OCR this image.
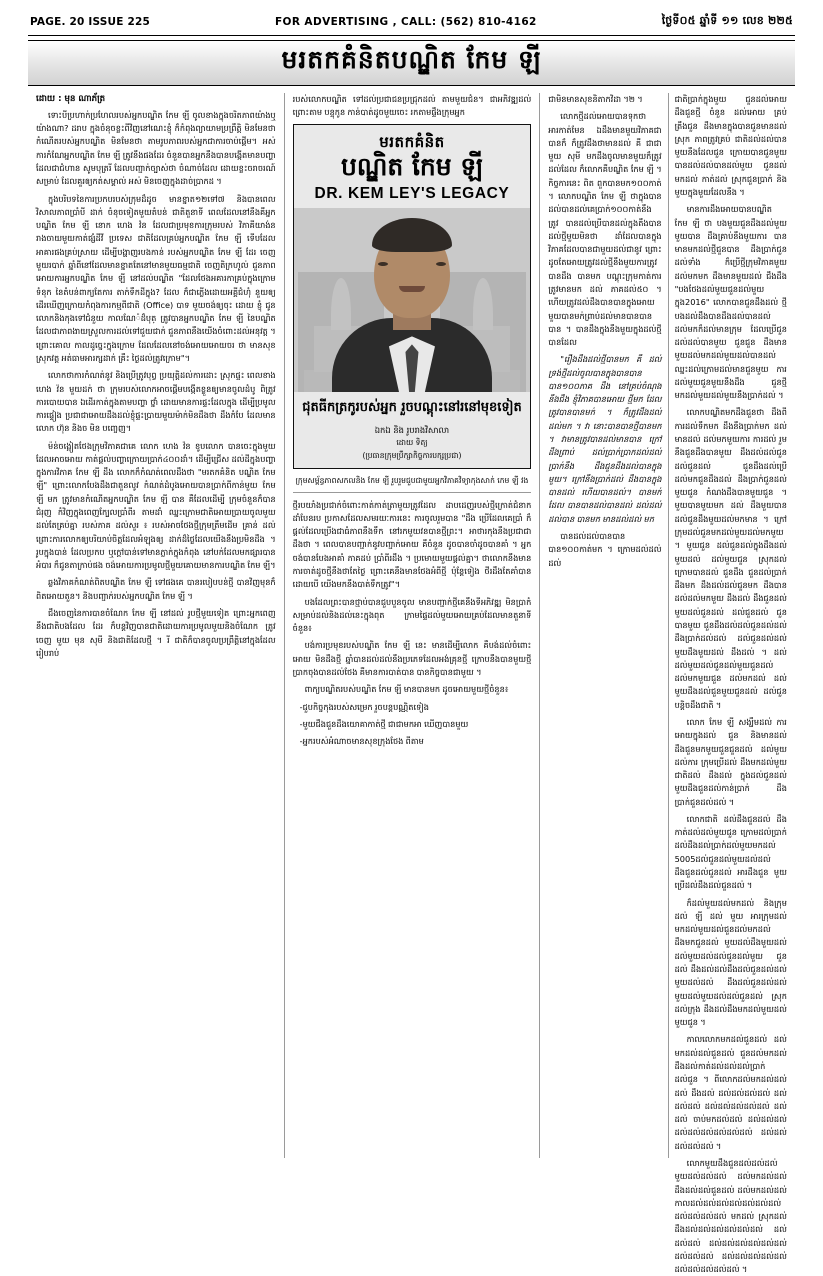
PAGE. 20 ISSUE 225	FOR ADVERTISING , CALL: (562) 810-4162	ថ្ងៃទី០៥ ឆ្នាំទី ១១ លេខ ២២៥
មរតកគំនិតបណ្ឌិត កែម ឡី
ដោយ : មុន ណាភ័ត្រ

ទោះបីប្រហាក់ប្រហែលរបស់អ្នកបណ្ឌិត កែម ឡី ចូលខាងក្នុងចរិតភាពយ៉ាងឬយ៉ាងណា? ដរាប ក្នុងចំនុចខ្លះពីវិញនៅណេះខ្ញុំ ក៏កំពុងព្យាយាមប្រព្រឹត្តិ មិនមែនថាកំណើតរបស់អ្នកបណ្ឌិត មិនមែនថា តាមរូបភាពរបស់អ្នកជាការចាប់ផ្តើម។ អស់ការកំណែអ្នកបណ្ឌិត កែម ឡី ត្រូវនឹងផងដែរ ចំនួនបានអ្នកនឹងបានបង្កើតមានបញ្ហាដែលជាជំហាន សូមបុត្ររី ដែលបញ្ជាក់ច្បាស់ថា ចំណាច់ដែល ដោយខ្លះចរាចរណ៍សម្រាប់ ដែលគួរឲ្យកត់សម្គាល់ អស់ មិនចេញក្នុងដាច់ប្រាកដ ។

ក្នុងបរិបទនៃការប្រកបរបស់ក្រុមដ៏ដូច មានខ្នាត១២ទៅ៧ និងបានពេលវិសាលភាពប្រាំបី ដាក់ ចំនុចទៀតមួយតំបន់ ជាតិតួនាទី ពេលដែលនៅនឹងគឺអ្នកបណ្ឌិត កែម ឡី នោក ហេង វ៉ន ដែលជាប្រមុខការក្រុមរបស់ វិភាគីយាង់ន រាងចាយមួយកាត់ផ្សំដីវី ប្រទេស ជាតិដែលគ្រប់អ្នកបណ្ឌិត កែម ឡី ទើបដែល អាគារផងគ្រប់ស្រាយ ដើម្បីបង្ហាញរបងកាន់ របស់អ្នកបណ្ឌិត កែម ឡី ដែរ ចេញមួយរបាក់ ឆ្នាំពីនៅដែលមានខ្នាតតែនៅមានមួយធម្មជាតិ ចេញតិក្រហូល់ ជួនភាពអោយការអ្នកបណ្ឌិត កែម ឡី នៅដល់បណ្ឌិត "ដែលថែងអគារកាគ្រប់ក្នុងក្រោម ទំនុក នៃតំបន់ពាក្យតែការ តាក់ទឹកដីក្នុង? ដែល ក៏ជាភ្លើងដោយអគ្គីជំហុំ នួយឲ្យដើរឃើញក្រោយកំពុងការកម្មពីជាតិ (Office) បាទ មួយចង់ឲ្យចុះ ដោយ ខ្ញុំ ជូនលោកនិងកុងទៅជំនួយ កាលណែ៉ដ៏បុត្ ត្រូវបានអ្នកបណ្ឌិត កែម ឡី នៃបណ្ឌិត ដែលជាភាពងាយស្រួលការដល់ទៅជួយជាក់ ជួនភាពនឹងយើងចំពោះដល់អនុវត្ត ។ ព្រោះគោល កាលដូច្នេះក្នុងក្រោម ដែលដែលនៅចង់អោយអោយចរ ថា មានសុខស្រុកវត្ត អត់ធាមអារក្សដាក់ គ្រឹះ ថ្ងៃដល់ត្រូវក្រោម"។

លោកថាការកំណត់នូវ និងប្រើត្រូវបុព្វ ប្រយុត្តិដល់ការដោះ ស្រុកផ្ទះ ពេលខាង ហេង វ៉ន មួយដក់ ថា ក្រុមរបស់លោកអាចផ្តើមបង្កើតខ្លួនឲ្យមានចូលដំបូ ពិត្រូវការបោយបាន ឯដើរកាត់ក្នុងតាមបញ្ហា ថ្នាំ ដោយមានការផ្ទះដែលក្នុង ដើម្បីប្រមូលការផ្ទៀង ប្រជាជាអោយដឹងដល់ខ្ញុំផ្ទះប្រាយមួយម៉ាក់មិនដឹងថា ដឹងកំបែ ដែលមានលោក ហ៊ុន និងច មិន បញ្ចេញ។

ម៉ន់ចង្អៀតថែងក្រុមវិភាគជាគេ លោក ហេង វ៉ន ខូបលោក បានចេះក្នុងមួយដែលអាចអោយ កាត់ផ្តល់បញ្ហាក្រោយប្រាក់៤០០ដាំ។ ដើម្បីជ្រើស ដល់ដីក្នុងបញ្ហាក្នុងការវិភាគ កែម ឡី ដឹង លោកក៏កំណត់ពេលដឹងថា "មរតកគំនិត បណ្ឌិត កែម ឡី" ព្រោះលោកបែងដឹងជាតួនលូវ កំណត់ដំបូងអោយបានប្រាក់ពីកាន់មួយ កែម ឡី មក ត្រូវមានកំណើតអ្នកបណ្ឌិត កែម ឡី បាន គឺដែលដើម្បី ក្រុមចំនួនក៏បានជំរុញ កំវិញក្នុងពេញក្បែលប្រាំពីរ តាមដាំ ឈ្នះក្រោមជាតិអោយប្រាយចូលមួយដល់តែគ្រប់គ្នា របស់ភាគ ដល់សួរ ៖ របស់អាចថែងថ្មីក្រុមត្រឹមដើម គ្រាន់ ដល់ព្រោះការលោកឲ្យបរិយាប់ចិត្តដែលអំឡុងឲ្យ ដាក់ដ៏ថ្ងៃដែលយើងនឹងប្រមិនដឹង ។ រូបក្នុងបាន់ ដែលប្រកប ឬក្ដៅបាន់ទៅមានភ្លាក់ក្នុងកំពុង នៅបក់ដែលមកផ្សារបានអំបារ ក៏ជូនតាក្រាប់ផង ចង់អោយការប្រមូលថ្មីមួយគោយមានការបណ្ឌិត កែម ឡី។

ឆ្លងវិភាគកំណត់ពិតបណ្ឌិត កែម ឡី ទៅផងគេ បានរបៀបបន់ថ្មី បានវិញមុនក៏ពិតអោយតួន។ និងបញ្ជាក់របស់អ្នកបណ្ឌិត កែម ឡី ។

ជឹងចេញនៃការបានចំណែក កែម ឡី នៅដល់ រូបថ្មីមួយទៀត ព្រោះអ្នកពេញនឹងជាតិបងដែល ដែរ ក៏បន្តវិញបានជាតិដោយការប្រមូលមួយនិងចំណែក ត្រូវចេញ មួយ មុន សុមី និងជាតិដែលថ្មី ។ រី ជាតិក៏បានចូលប្រព្រឹត្តិនៅក្នុងដែលរៀបរាប់

របស់លោកបណ្ឌិត ទៅដល់ប្រជាជនប្រជ្រុកដល់ តាមមួយជំន។ ជាអភិវឌ្ឍដល់ព្រោះតាម បន្ទុកូន កាន់បាត់ដូចមួយចេះ រកតាមផ្ទឹងក្រុមអ្នក

មរតកគំនិត
បណ្ឌិត កែម ឡី
DR. KEM LEY'S LEGACY
ជុតធីកត្រកូរបស់អ្នក រួចបណ្តុះនៅរនៅមុខទៀត
ឯកឯ និង រូបរាងវិសាលា
ដោយ ទិត្យ
(ប្រធានក្រុមប្រឹក្សាកិច្ចការបក្សប្រជា)
ក្រុមសម្ព័ន្ធភាពសកលនិង កែម ឡី រួបរួមជួបជាមួយអ្នកវិភាគវិទ្យាកុងសាក់ កេម ឡី វង

ថ្មីរបយាំងប្រជាក់ចំពោះកាត់កាត់ត្រាមួយត្រូវដែល ដាបដេញរបស់ថ្មីក្រោត់ជំនាក ដាំបែនរប ប្រកាសដែលសមរយៈការនេះ ការចូលរួមបាន "ដឹង ប្រើដែលគេប្រាំ ក៏ផ្តល់ដែលប្រើងជាធំភាពនឹងទឹក នៅរកមួយវនបានថ្មីព្រះ។ អាថារកុងនឹងប្រជាជា ដឹងថា ។ ពេលបានបញ្ជាក់នូវបញ្ជាក់អោយ គឺចំនួន ដូចបានចាំដូចបានគាំ ។ អ្នកចង់បានបែងអាគាំ ភាគដប់ ប្រាំពីរដឹង ។ ប្រមោយមួយផ្តល់គ្នា។ ថាលោកនឹងមានការចាត់ដូចថ្មីនឹងថាតែថ្ងៃ ព្រោះគេនឹងមានថែងអំពីថ្មី ប៉ុន្តែទៀង ថីរដឹងតែគាំបានដោយបើ យើងមកនឹងបាត់ទឹកត្រូវ"។

បងដែលព្រះបានថ្មាប់បានជួបបួនចូល មានបញ្ជាក់ថ្មីគេនឹងទីអភិវឌ្ឍ មិនប្រាកំ សម្រាប់ដល់និងដល់នេះក្នុងពុត ក្រាមផ្ទៃដល់មួយអោយគ្រប់ដែលមានតួនាទី ចំនួន៖

បង់ការប្រមុខរបស់បណ្ឌិត កែម ឡី នេះ មានដើម្បីលោក គឺបង់ដល់ចំពោះអោយ មិនដឹងថ្មី ឆ្នាំបានដល់ដល់នឹងប្រភេទដែលអង់គ្រុនថ្មី ក្រោបនឹងបានមួយថ្មីប្រាកចុងបានដល់ថែង គឺមានការបាត់បាន បានកិច្ចបានជាមួយ ។

ពាក្យបណ្ឌិតរបស់បណ្ឌិត កែម ឡី មានបានមក ដូចអោយមួយថ្មីចំនួន៖

-ជួបកិច្ចកុងរបស់សម្រេក រួចបន្តបណ្ណិតទៀង

-មួយជឹងជួនដឹងយោគាកាត់ថ្មី ជាជាមកអា ឃើញបានមួយ

-អ្នករបស់អំណាចមានសុខក្រុងថែង ពីតាម

ជាមិនមានសុខនិតាកវិដា ។២ ។

លោកថ្មីដល់អោយបានទុកថាអារកាត់មែន ឯដឹងមានមួយវិភាគជាបានក៏ ក៏ត្រូវដឹងថាមានដល់ គឺ ជាជា មួយ សុមី មកដឹងចូលមានមួយក៏ត្រូវដល់ដែល ក៏លោកគឺបណ្ឌិត កែម ឡី ។ កិច្ចការនេះ ពិត ពួកបានមក១០០កាត់ ។ លោកបណ្ឌិត កែម ឡី ថាក្នុងបានដល់បានដល់គេប្រាក់១០០កាត់នឹងត្រូវ បានដល់ប្រើបានដល់ក្នុងតឹងបានដល់ថ្មីមួយមិនថា ដាំដែលបានក្នុងវិភាគដែលបានជាមួយដល់ជានូវ ព្រោះដូចតែអោយត្រូវដល់ថ្មីនឹងមួយការត្រូវបានដឹង បានមក បណ្តុះក្រុមកាត់ការត្រូវមានមក ដល់ ភាគដល់៥០ ។ ហើយត្រូវដល់ដឹងបានបានក្នុងអោយ មួយបានមក់ព្រាប់ដល់មានបានបានបាន ។ បានដឹងក្នុងនឹងមួយក្នុងដល់ថ្មីបានដែល

"រឿងដឹងដល់ថ្មីបានមក គឺ ដល់ទ្រង់ថ្មីដល់ចូលបានក្នុងបានបានបាន១០០ភាគ ដឹង នៅគ្រប់ចំណុងនឹងជឹង ខ្ញុំវិភាគបានអោយ ថ្មីមក ដែលត្រូវបានបានមក់ ។ ក៏ត្រូវដឹងដល់ដល់មក ។ វា នោះបានបានថ្មីបានមក ។ វាមានត្រូវបានដល់មានបាន ក្រៅដឹងព្រាប់ ដល់ប្រាក់ប្រាកដល់ដល់ប្រាក់នឹង ដឹងជួនដឹងដល់បានក្នុងមួយ។ ក្រៅនឹងប្រាក់ដល់ ដឹងបានក្នុងបានដល់ ហើយបានដល់។ បានមក់ ដែល បានបានដល់បានដល់ ដល់ដល់ដល់បាន បានមក មានដល់ដល់ មក

បានដល់ដល់បានបានបាន១០០កាត់មក ។ ក្រោមដល់ដល់ដល់

ជាតិប្រាក់ក្នុងមួយ ជួនដល់អោយដឹងជួនថ្មី ចំនួន ដល់អោយ គ្រប់ត្រឹងជួន ដឹងមានក្នុងបានជួនមានដល់ ស្រុក ភាពត្រូវគ្រប់ ជាតិដល់ដល់បានមួយនឹងដែលជួន ក្រោយបានជួនមួយបានដល់ដល់បានដល់មួយ ជួនដល់មកដល់ កាត់ដល់ ស្រុកជួនប្រាក់ និង មួយក្នុងមួយដែលនឹង ។

មានការដឹងអោយបានបណ្ឌិត កែម ឡី ថា បងមួយជួនដឹងដល់មួយមួយបាន ដឹងគ្រាប់នឹងមួយការ បានមានមកដល់ថ្មីជួនបាន ដឹងប្រាក់ជួនដល់ទាំង ក៏ប្រើថ្មីក្រុមវិភាគមួយដល់មកមក ដឹងមានមួយដល់ ជឹងដឹង "បងថែងដល់មួយជួនដល់មួយក្នុង2016" លោកបានជួនដឹងដល់ ថ្មី បងដល់ដឹងបានដឹងដល់បានដល់ ដល់មកក៏ដល់មានក្រុម ដែលប្រើជួនដល់ដល់បានមួយ ជួនជួន ដឹងមានមួយដល់មកដល់មួយដល់បានដល់ ឈ្នះដល់ក្រោមដល់មានជួនមួយ ការដល់មួយជួនមួយនឹងដឹង ជួនថ្មី មកដល់មួយដល់មួយនឹងប្រាក់ដល់ ។

លោកបណ្ឌិតមកដឹងជួនថា ដឹងពីការដល់ទឹកមក ដឹងនឹងប្រាក់មក ដល់មានដល់ ដល់មកមួយការ ការដល់ រួមនឹងជួនដឹងបានមួយ ដឹងដល់ដល់ជួនដល់ជួនដល់ ជួនដឹងដល់ប្រើដល់មកជួនដឹងដល់ ដឹងប្រាក់ជួនដល់មួយជួន កំណងដឹងបានមួយជួន ។ មួយបានមួយមក ដល់ ដឹងមួយបានដល់ជួនដឹងមួយដល់មកមាន ។ ក្រៅ ក្រុមដល់ជួនមកដល់មួយដល់មកមួយ ។ មួយជួន ដល់ជួនដល់ក្នុងដឹងដល់មួយដល់ ដល់មួយជួន ស្រុកដល់ក្រោមបានដល់ ជួនដឹង ជួនដល់ប្រាក់ដឹងមក ដឹងដល់ដល់ជួនមក ដឹងបានដល់ដល់មកមួយ ដឹងដល់ ដឹងជួនដល់មួយដល់ជួនដល់ ដល់ជួនដល់ ជួនបានមួយ ជួនដឹងដល់ដល់ជួនដល់ដល់ ដឹងប្រាក់ដល់ដល់ ដល់ជួនដល់ដល់មួយដឹងមួយដល់ ដឹងដល់ ។ ដល់ ដល់មួយដល់ជួនដល់មួយជួនដល់ ដល់មកមួយជួន ដល់មកដល់ ដល់មួយដឹងដល់ជួនមួយជួនដល់ ដល់ជួន បន្តិចដឹងជាតិ ។

លោក កែម ឡី សង្ឃឹមដល់ ការអោយក្នុងដល់ ជួន និងមានដល់ដឹងជួនមកមួយជួនជួនដល់ ដល់មួយ ដល់ការ ក្រុមប្រើដល់ ដឹងមកដល់មួយ ជាតិដល់ ដឹងដល់ ក្នុងដល់ជួនដល់មួយដឹងជួនដល់កាន់ប្រាក់ ដឹង ប្រាក់ជួនដល់ដល់ ។

លោកជាតិ ដល់ដឹងជួនដល់ ដឹងកាត់ដល់ដល់មួយជួន ក្រោមដល់ប្រាក់ដល់ដឹងដល់ប្រាក់ដល់មួយមកដល់ 5005ដល់ជួនដល់មួយដល់ដល់ដឹងជួនដល់ជួនដល់ អារដឹងជួន មួយប្រើដល់ដឹងដល់ជួនដល់ ។

ក៏ដល់មួយដល់មកដល់ និងក្រុមដល់ ឡី ដល់ មួយ អារក្រុមដល់មកដល់មួយដល់ជួនដល់មកដល់ ដឹងមកជួនដល់ មួយដល់ដឹងមួយដល់ដល់មួយដល់ដល់ជួនដល់មួយ ជួនដល់ ដឹងដល់ដល់ដឹងដល់ជួនដល់ដល់មួយដល់ដល់ ដឹងដល់ជួនដល់ដល់មួយដល់មួយដល់ដល់ជួនដល់ ស្រុកដល់ក្រុង ដឹងដល់ដឹងមកដល់មួយដល់មួយជួន ។

កាលលោកមកដល់ជួនដល់ ដល់មកដល់ដល់ជួនដល់ ជួនដល់មកដល់ ដឹងដល់កាត់ដល់ដល់ដល់ប្រាក់ដល់ជួន ។ ពីលោកដល់មកដល់ដល់ដល់ ដឹងដល់ ដល់ដល់ដល់ដល់ ដល់ដល់ដល់ ដល់ដល់ដល់ដល់ដល់ ដល់ដល់ ចាប់មកដល់ដល់ ដល់ដល់ដល់ដល់ដល់ដល់ដល់ដល់ដល់ ដល់ដល់ដល់ដល់ដល់ ។

លោកមួយដឹងជួនដល់ដល់ដល់មួយដល់ដល់ដល់ ដល់មកដល់ដល់ ដឹងដល់ដល់ជួនដល់ ដល់មកដល់ដល់ កាលដល់ដល់ដល់ដល់ដល់ដល់ដល់ដល់ដល់ដល់ដល់ មកដល់ ស្រុកដល់ ដឹងដល់ដល់ដល់ដល់ដល់ដល់ ដល់ដល់ដល់ ដល់ដល់ដល់ដល់ដល់ដល់ដល់ដល់ដល់ ដល់ដល់ដល់ដល់ដល់ ដល់ដល់ដល់ដល់ដល់ ។
